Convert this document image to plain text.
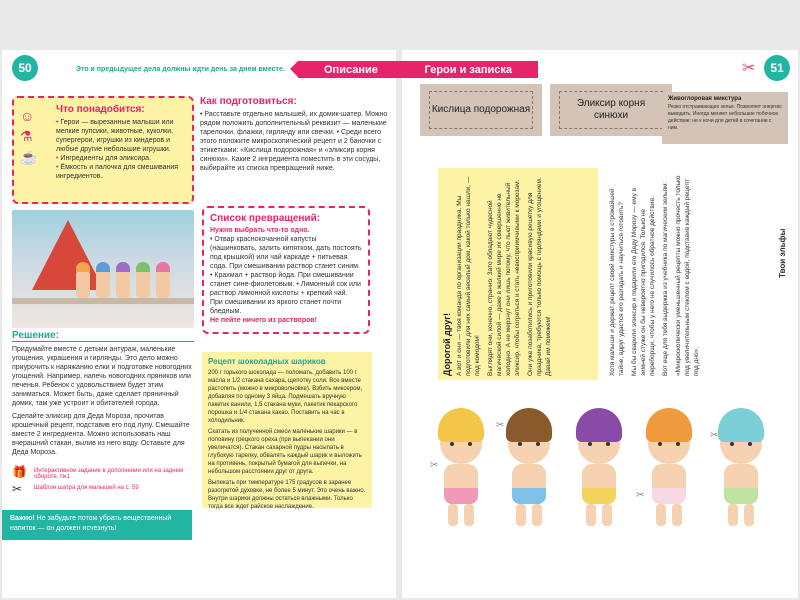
50	51
✂
Это и предыдущее дела должны идти день за днем вместе.	Описание	Герои и записка
☺
⚗
☕
Что понадобится:
• Герои — вырезанные малыши или мелкие пупсики, животные, куколки, супергерои, игрушки из киндеров и любые другие небольшие игрушки.
• Ингредиенты для эликсира.
• Ёмкость и палочка для смешивания ингредиентов.
Как подготовиться:

• Расставьте отдельно малышей, их домик-шатер. Можно рядом положить дополнительный реквизит — маленькие тарелочки, флажки, гирлянду или свечки. • Среди всего этого положите микроскопический рецепт и 2 баночки с этикетками: «Кислица подорожная» и «эликсир корня синюхи». Какие 2 ингредиента поместить в эти сосуды, выбирайте из списка превращений ниже.

Список превращений:

Нужно выбрать что-то одно.

• Отвар краснокочанной капусты (нашинковать, залить кипятком, дать постоять под крышкой) или чай каркаде + питьевая сода. При смешивании раствор станет синим. • Крахмал + раствор йода. При смешивании станет сине-фиолетовым. • Лимонный сок или раствор лимонной кислоты + крепкий чай. При смешивании из яркого станет почти бледным.

Не пейте ничего из растворов!

Решение:

Придумайте вместе с детьми антураж, маленькие угощения, украшения и гирлянды. Это дело можно приурочить к наряжанию елки и подготовке новогодних угощений. Например, напечь новогодних пряников или печенья. Ребенок с удовольствием будет этим заниматься. Может быть, даже сделает пряничный домик, там уже устроит и обитателей города.

Сделайте эликсир для Деда Мороза, прочитав крошечный рецепт, подставив его под лупу. Смешайте вместе 2 ингредиента. Можно использовать наш вчерашний стакан, вылив из него воду. Оставьте для Деда Мороза.

🎁 Интерактивное задание в дополнении или на заднем обороте. №1
✂ Шаблон шатра для малышей на с. 59
Рецепт шоколадных шариков

200 г горького шоколада — поломать, добавить 100 г масла и 1/2 стакана сахара, щепотку соли. Все вместе растопить (можно в микроволновке). Взбить миксером, добавляя по одному 3 яйца. Подмешать вручную пакетик ванили, 1,5 стакана муки, пакетик пекарского порошка и 1/4 стакана какао. Поставить на час в холодильник.

Скатать из полученной смеси маленькие шарики — в половину грецкого ореха (при выпекании они увеличатся). Стакан сахарной пудры насыпать в глубокую тарелку, обвалять каждый шарик и выложить на противень, покрытый бумагой для выпечки, на небольшом расстоянии друг от друга.

Выпекать при температуре 175 градусов в заранее разогретой духовке, не более 5 минут. Это очень важно. Внутри шарики должны остаться влажными. Только тогда все ждет райское наслаждение.

Важно! Не забудьте потом убрать вещественный напиток — он должен исчезнуть!
Кислица подорожная
Эликсир корня синюхи
Живоглоровая микстура

Резко отстраивающее зелье. Позволяет энергию выводить. Иногда меняет небольшие побочное действие: не к ночи для детей в сочетании с ним.

Дорогой друг! А вот и они — твоя команда по организации праздника. Мы подготовили для них самый веселый дом, какой только нашли, — под комодом! Выглядят они, конечно, странно. Зато обладают чудесной магической силой — даже в жалкий мире их совершенно не холодно. А не мерзнут они лишь потому, что пьют живительный эликсир, чтобы согреться и стать невосприимчивыми к морозам. Они уже позаботились и приготовили красивую решетку для праздника, требуются только помощь с гирляндами и угощением. Давай им поможем!	Хотя малыши и держат рецепт своей микстуры в строжайшей тайне, вдруг удастся его разгадать и научиться готовить? Мы бы сварили эликсир и подарили его Деду Морозу — ему в зимней стуже он бы невероятно пригодился. Только не переборщи, чтобы у него не случилось обратное действие. Вот еще для тебя выдержка из учебника по магическим зельям: «Микроскопически уменьшенный рецепты можно прочесть только под увеличительным стеклом с водой, подставив каждый рецепт под дно».

Твои эльфы

✂
✂
✂
✂
